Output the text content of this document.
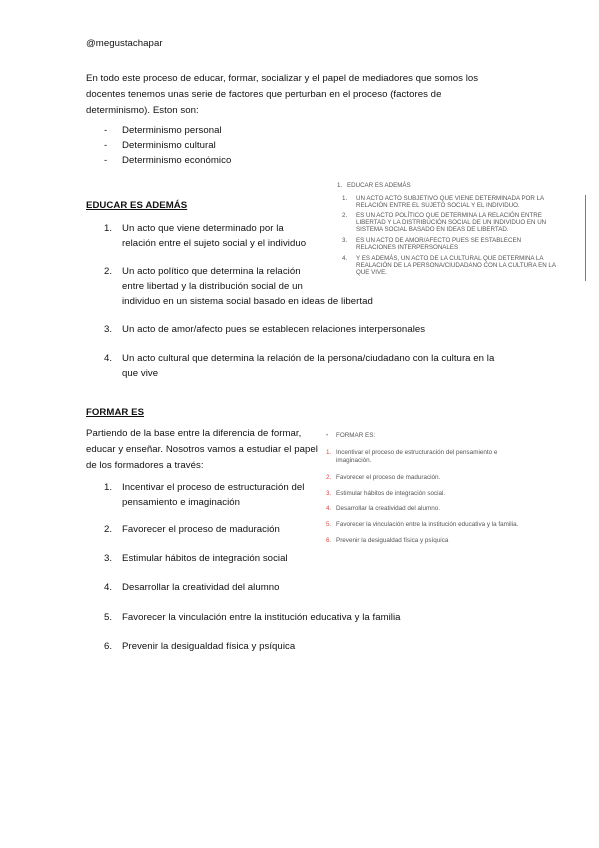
@megustachapar
En todo este proceso de educar, formar, socializar y el papel de mediadores que somos los
docentes tenemos unas serie de factores que perturban en el proceso (factores de
determinismo). Eston son:
- Determinismo personal
- Determinismo cultural
- Determinismo económico
EDUCAR ES ADEMÁS
1. Un acto que viene determinado por la
relación entre el sujeto social y el individuo
2. Un acto político que determina la relación
entre libertad y la distribución social de un
individuo en un sistema social basado en ideas de libertad
3. Un acto de amor/afecto pues se establecen relaciones interpersonales
4. Un acto cultural que determina la relación de la persona/ciudadano con la cultura en la
que vive
1. EDUCAR ES ADEMÁS
1. UN ACTO ACTO SUBJETIVO QUE VIENE DETERMINADA POR LA
RELACIÓN ENTRE EL SUJETO SOCIAL Y EL INDIVIDUO.
2. ES UN ACTO POLÍTICO QUE DETERMINA LA RELACIÓN ENTRE
LIBERTAD Y LA DISTRIBUCIÓN SOCIAL DE UN INDIVIDUO EN UN
SISTEMA SOCIAL BASADO EN IDEAS DE LIBERTAD.
3. ES UN ACTO DE AMOR/AFECTO PUES SE ESTABLECEN
RELACIONES INTERPERSONALES
4. Y ES ADEMÁS, UN ACTO DE LA CULTURAL QUE DETERMINA LA
REALACIÓN DE LA PERSONA/CIUDADANO CON LA CULTURA EN LA
QUE VIVE.
FORMAR ES
Partiendo de la base entre la diferencia de formar,
educar y enseñar. Nosotros vamos a estudiar el papel
de los formadores a través:
1. Incentivar el proceso de estructuración del
pensamiento e imaginación
2. Favorecer el proceso de maduración
3. Estimular hábitos de integración social
4. Desarrollar la creatividad del alumno
5. Favorecer la vinculación entre la institución educativa y la familia
6. Prevenir la desigualdad física y psíquica
• FORMAR ES:
1. Incentivar el proceso de estructuración del pensamiento e
imaginación.
2. Favorecer el proceso de maduración.
3. Estimular hábitos de integración social.
4. Desarrollar la creatividad del alumno.
5. Favorecer la vinculación entre la institución educativa y la familia.
6. Prevenir la desigualdad física y psíquica
